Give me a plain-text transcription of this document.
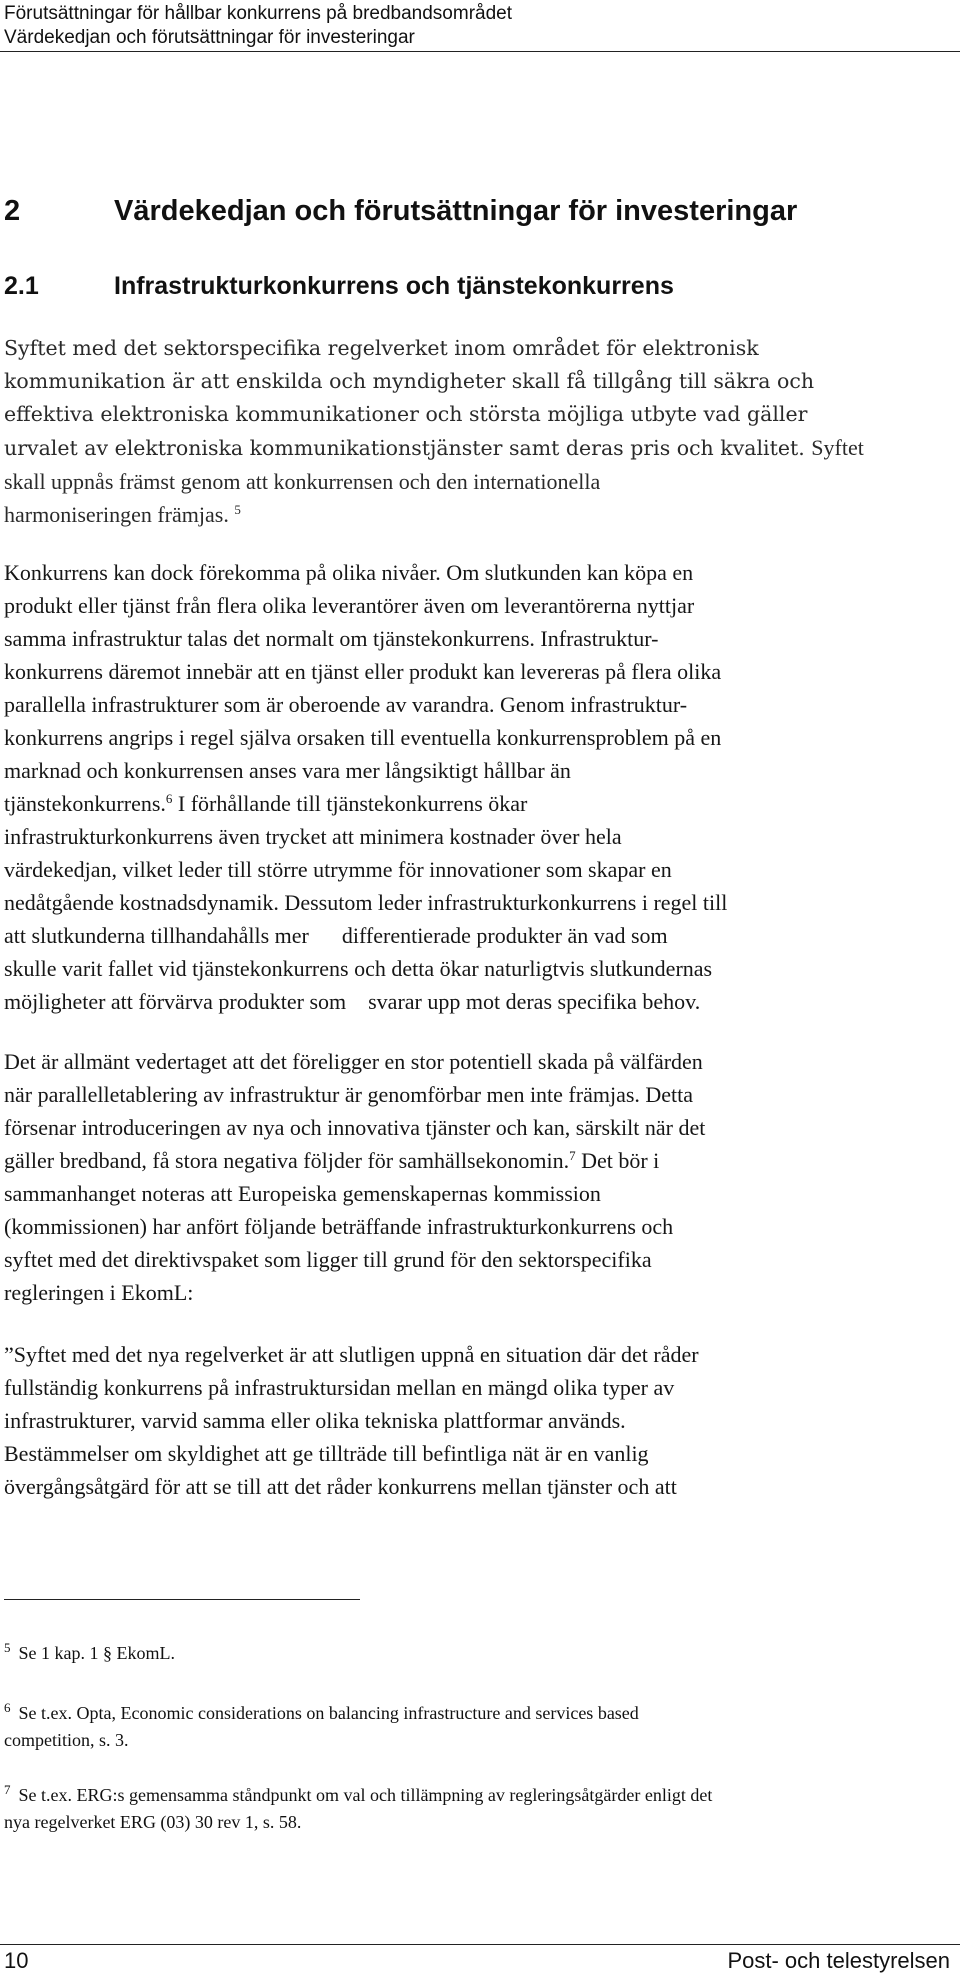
Förutsättningar för hållbar konkurrens på bredbandsområdet
Värdekedjan och förutsättningar för investeringar
2	Värdekedjan och förutsättningar för investeringar
2.1	Infrastrukturkonkurrens och tjänstekonkurrens
Syftet med det sektorspecifika regelverket inom området för elektronisk
kommunikation är att enskilda och myndigheter skall få tillgång till säkra och
effektiva elektroniska kommunikationer och största möjliga utbyte vad gäller
urvalet av elektroniska kommunikationstjänster samt deras pris och kvalitet. Syftet
skall uppnås främst genom att konkurrensen och den internationella
harmoniseringen främjas. $^5$
Konkurrens kan dock förekomma på olika nivåer. Om slutkunden kan köpa en
produkt eller tjänst från flera olika leverantörer även om leverantörerna nyttjar
samma infrastruktur talas det normalt om tjänstekonkurrens. Infrastruktur-
konkurrens däremot innebär att en tjänst eller produkt kan levereras på flera olika
parallella infrastrukturer som är oberoende av varandra. Genom infrastruktur-
konkurrens angrips i regel själva orsaken till eventuella konkurrensproblem på en
marknad och konkurrensen anses vara mer långsiktigt hållbar än
tjänstekonkurrens.$^6$ I förhållande till tjänstekonkurrens ökar
infrastrukturkonkurrens även trycket att minimera kostnader över hela
värdekedjan, vilket leder till större utrymme för innovationer som skapar en
nedåtgående kostnadsdynamik. Dessutom leder infrastrukturkonkurrens i regel till
att slutkunderna tillhandahålls mer      differentierade produkter än vad som
skulle varit fallet vid tjänstekonkurrens och detta ökar naturligtvis slutkundernas
möjligheter att förvärva produkter som    svarar upp mot deras specifika behov.
Det är allmänt vedertaget att det föreligger en stor potentiell skada på välfärden
när parallelletablering av infrastruktur är genomförbar men inte främjas. Detta
försenar introduceringen av nya och innovativa tjänster och kan, särskilt när det
gäller bredband, få stora negativa följder för samhällsekonomin.$^7$ Det bör i
sammanhanget noteras att Europeiska gemenskapernas kommission
(kommissionen) har anfört följande beträffande infrastrukturkonkurrens och
syftet med det direktivspaket som ligger till grund för den sektorspecifika
regleringen i EkomL:
”Syftet med det nya regelverket är att slutligen uppnå en situation där det råder
fullständig konkurrens på infrastruktursidan mellan en mängd olika typer av
infrastrukturer, varvid samma eller olika tekniska plattformar används.
Bestämmelser om skyldighet att ge tillträde till befintliga nät är en vanlig
övergångsåtgärd för att se till att det råder konkurrens mellan tjänster och att
$^5$ Se 1 kap. 1 § EkomL.
$^6$ Se t.ex. Opta, Economic considerations on balancing infrastructure and services based
competition, s. 3.
$^7$ Se t.ex. ERG:s gemensamma ståndpunkt om val och tillämpning av regleringsåtgärder enligt det
nya regelverket ERG (03) 30 rev 1, s. 58.
10	Post- och telestyrelsen
